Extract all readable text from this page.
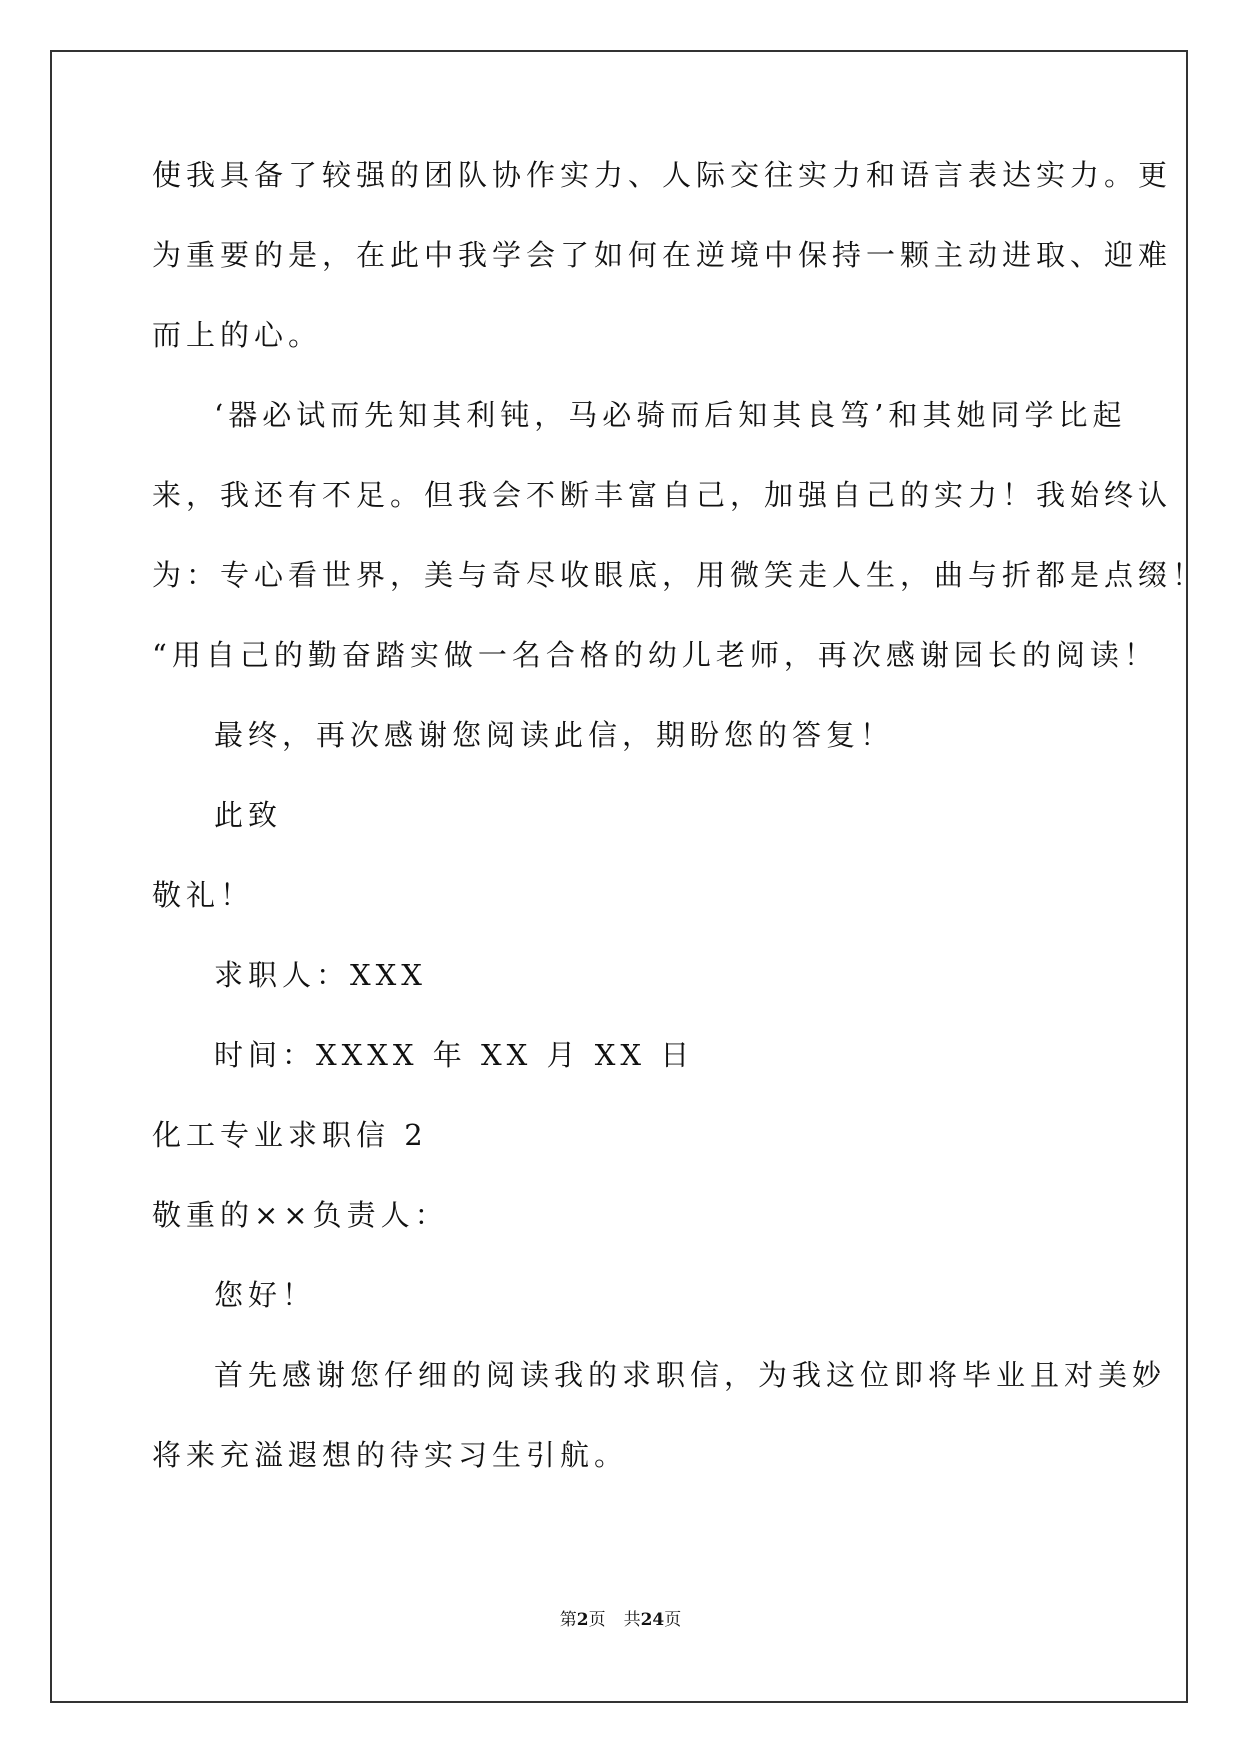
使我具备了较强的团队协作实力、人际交往实力和语言表达实力。更
为重要的是，在此中我学会了如何在逆境中保持一颗主动进取、迎难
而上的心。
‘器必试而先知其利钝，马必骑而后知其良笃’和其她同学比起
来，我还有不足。但我会不断丰富自己，加强自己的实力！我始终认
为：专心看世界，美与奇尽收眼底，用微笑走人生，曲与折都是点缀！
“用自己的勤奋踏实做一名合格的幼儿老师，再次感谢园长的阅读！
最终，再次感谢您阅读此信，期盼您的答复！
此致
敬礼！
求职人：XXX
时间：XXXX 年 XX 月 XX 日
化工专业求职信 2
敬重的××负责人：
您好！
首先感谢您仔细的阅读我的求职信，为我这位即将毕业且对美妙
将来充溢遐想的待实习生引航。
第2页 共24页
